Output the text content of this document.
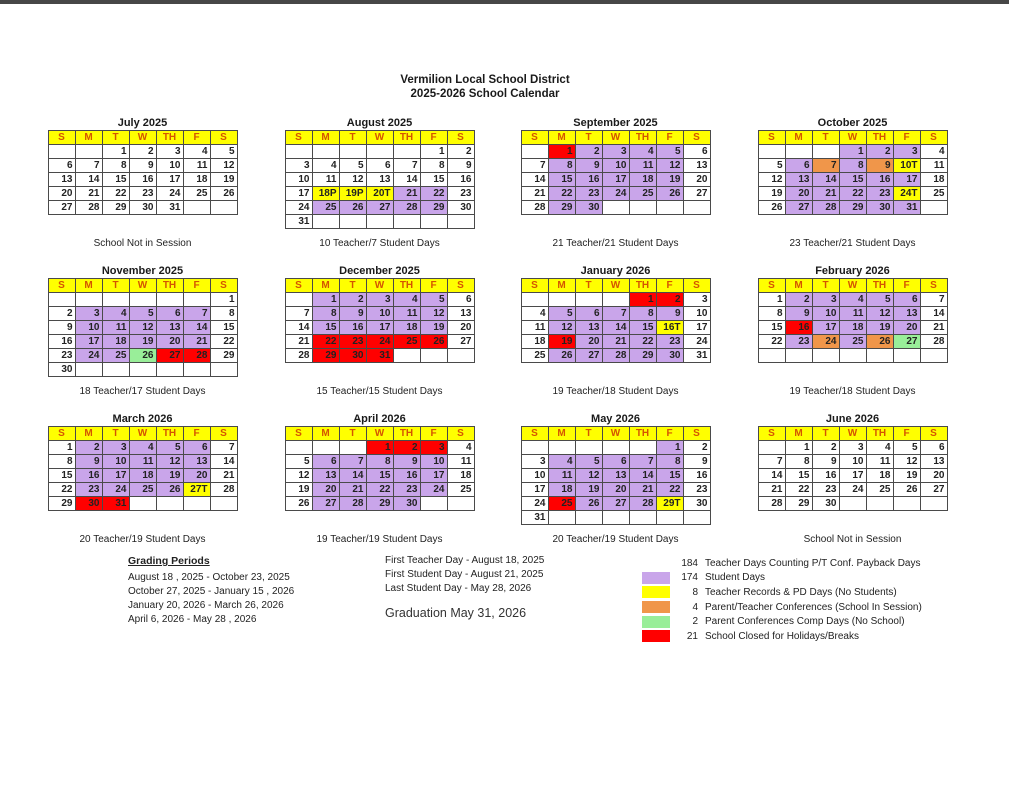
Vermilion Local School District
2025-2026 School Calendar
July 2025
S	M	T	W	TH	F	S
		1	2	3	4	5
6	7	8	9	10	11	12
13	14	15	16	17	18	19
20	21	22	23	24	25	26
27	28	29	30	31		
School Not in Session
August 2025
S	M	T	W	TH	F	S
					1	2
3	4	5	6	7	8	9
10	11	12	13	14	15	16
17	18P	19P	20T	21	22	23
24	25	26	27	28	29	30
31						
10 Teacher/7 Student Days
September 2025
S	M	T	W	TH	F	S
	1	2	3	4	5	6
7	8	9	10	11	12	13
14	15	16	17	18	19	20
21	22	23	24	25	26	27
28	29	30				
21 Teacher/21 Student Days
October 2025
S	M	T	W	TH	F	S
			1	2	3	4
5	6	7	8	9	10T	11
12	13	14	15	16	17	18
19	20	21	22	23	24T	25
26	27	28	29	30	31	
23 Teacher/21 Student Days
November 2025
S	M	T	W	TH	F	S
						1
2	3	4	5	6	7	8
9	10	11	12	13	14	15
16	17	18	19	20	21	22
23	24	25	26	27	28	29
30						
18 Teacher/17 Student Days
December 2025
S	M	T	W	TH	F	S
	1	2	3	4	5	6
7	8	9	10	11	12	13
14	15	16	17	18	19	20
21	22	23	24	25	26	27
28	29	30	31			
15 Teacher/15 Student Days
January 2026
S	M	T	W	TH	F	S
				1	2	3
4	5	6	7	8	9	10
11	12	13	14	15	16T	17
18	19	20	21	22	23	24
25	26	27	28	29	30	31
19 Teacher/18 Student Days
February 2026
S	M	T	W	TH	F	S
1	2	3	4	5	6	7
8	9	10	11	12	13	14
15	16	17	18	19	20	21
22	23	24	25	26	27	28

19 Teacher/18 Student Days
March 2026
S	M	T	W	TH	F	S
1	2	3	4	5	6	7
8	9	10	11	12	13	14
15	16	17	18	19	20	21
22	23	24	25	26	27T	28
29	30	31				
20 Teacher/19 Student Days
April 2026
S	M	T	W	TH	F	S
			1	2	3	4
5	6	7	8	9	10	11
12	13	14	15	16	17	18
19	20	21	22	23	24	25
26	27	28	29	30		
19 Teacher/19 Student Days
May 2026
S	M	T	W	TH	F	S
					1	2
3	4	5	6	7	8	9
10	11	12	13	14	15	16
17	18	19	20	21	22	23
24	25	26	27	28	29T	30
31						
20 Teacher/19 Student Days
June 2026
S	M	T	W	TH	F	S
	1	2	3	4	5	6
7	8	9	10	11	12	13
14	15	16	17	18	19	20
21	22	23	24	25	26	27
28	29	30				
School Not in Session
Grading Periods
August 18 , 2025 - October 23, 2025
October 27, 2025 - January 15 , 2026
January 20, 2026 - March 26, 2026
April 6, 2026 - May 28 , 2026
First Teacher Day - August 18, 2025
First Student Day - August 21, 2025
Last Student Day - May 28, 2026
Graduation May 31, 2026
184 Teacher Days Counting P/T Conf. Payback Days
174 Student Days
8 Teacher Records & PD Days (No Students)
4 Parent/Teacher Conferences (School In Session)
2 Parent Conferences Comp Days (No School)
21 School Closed for Holidays/Breaks
